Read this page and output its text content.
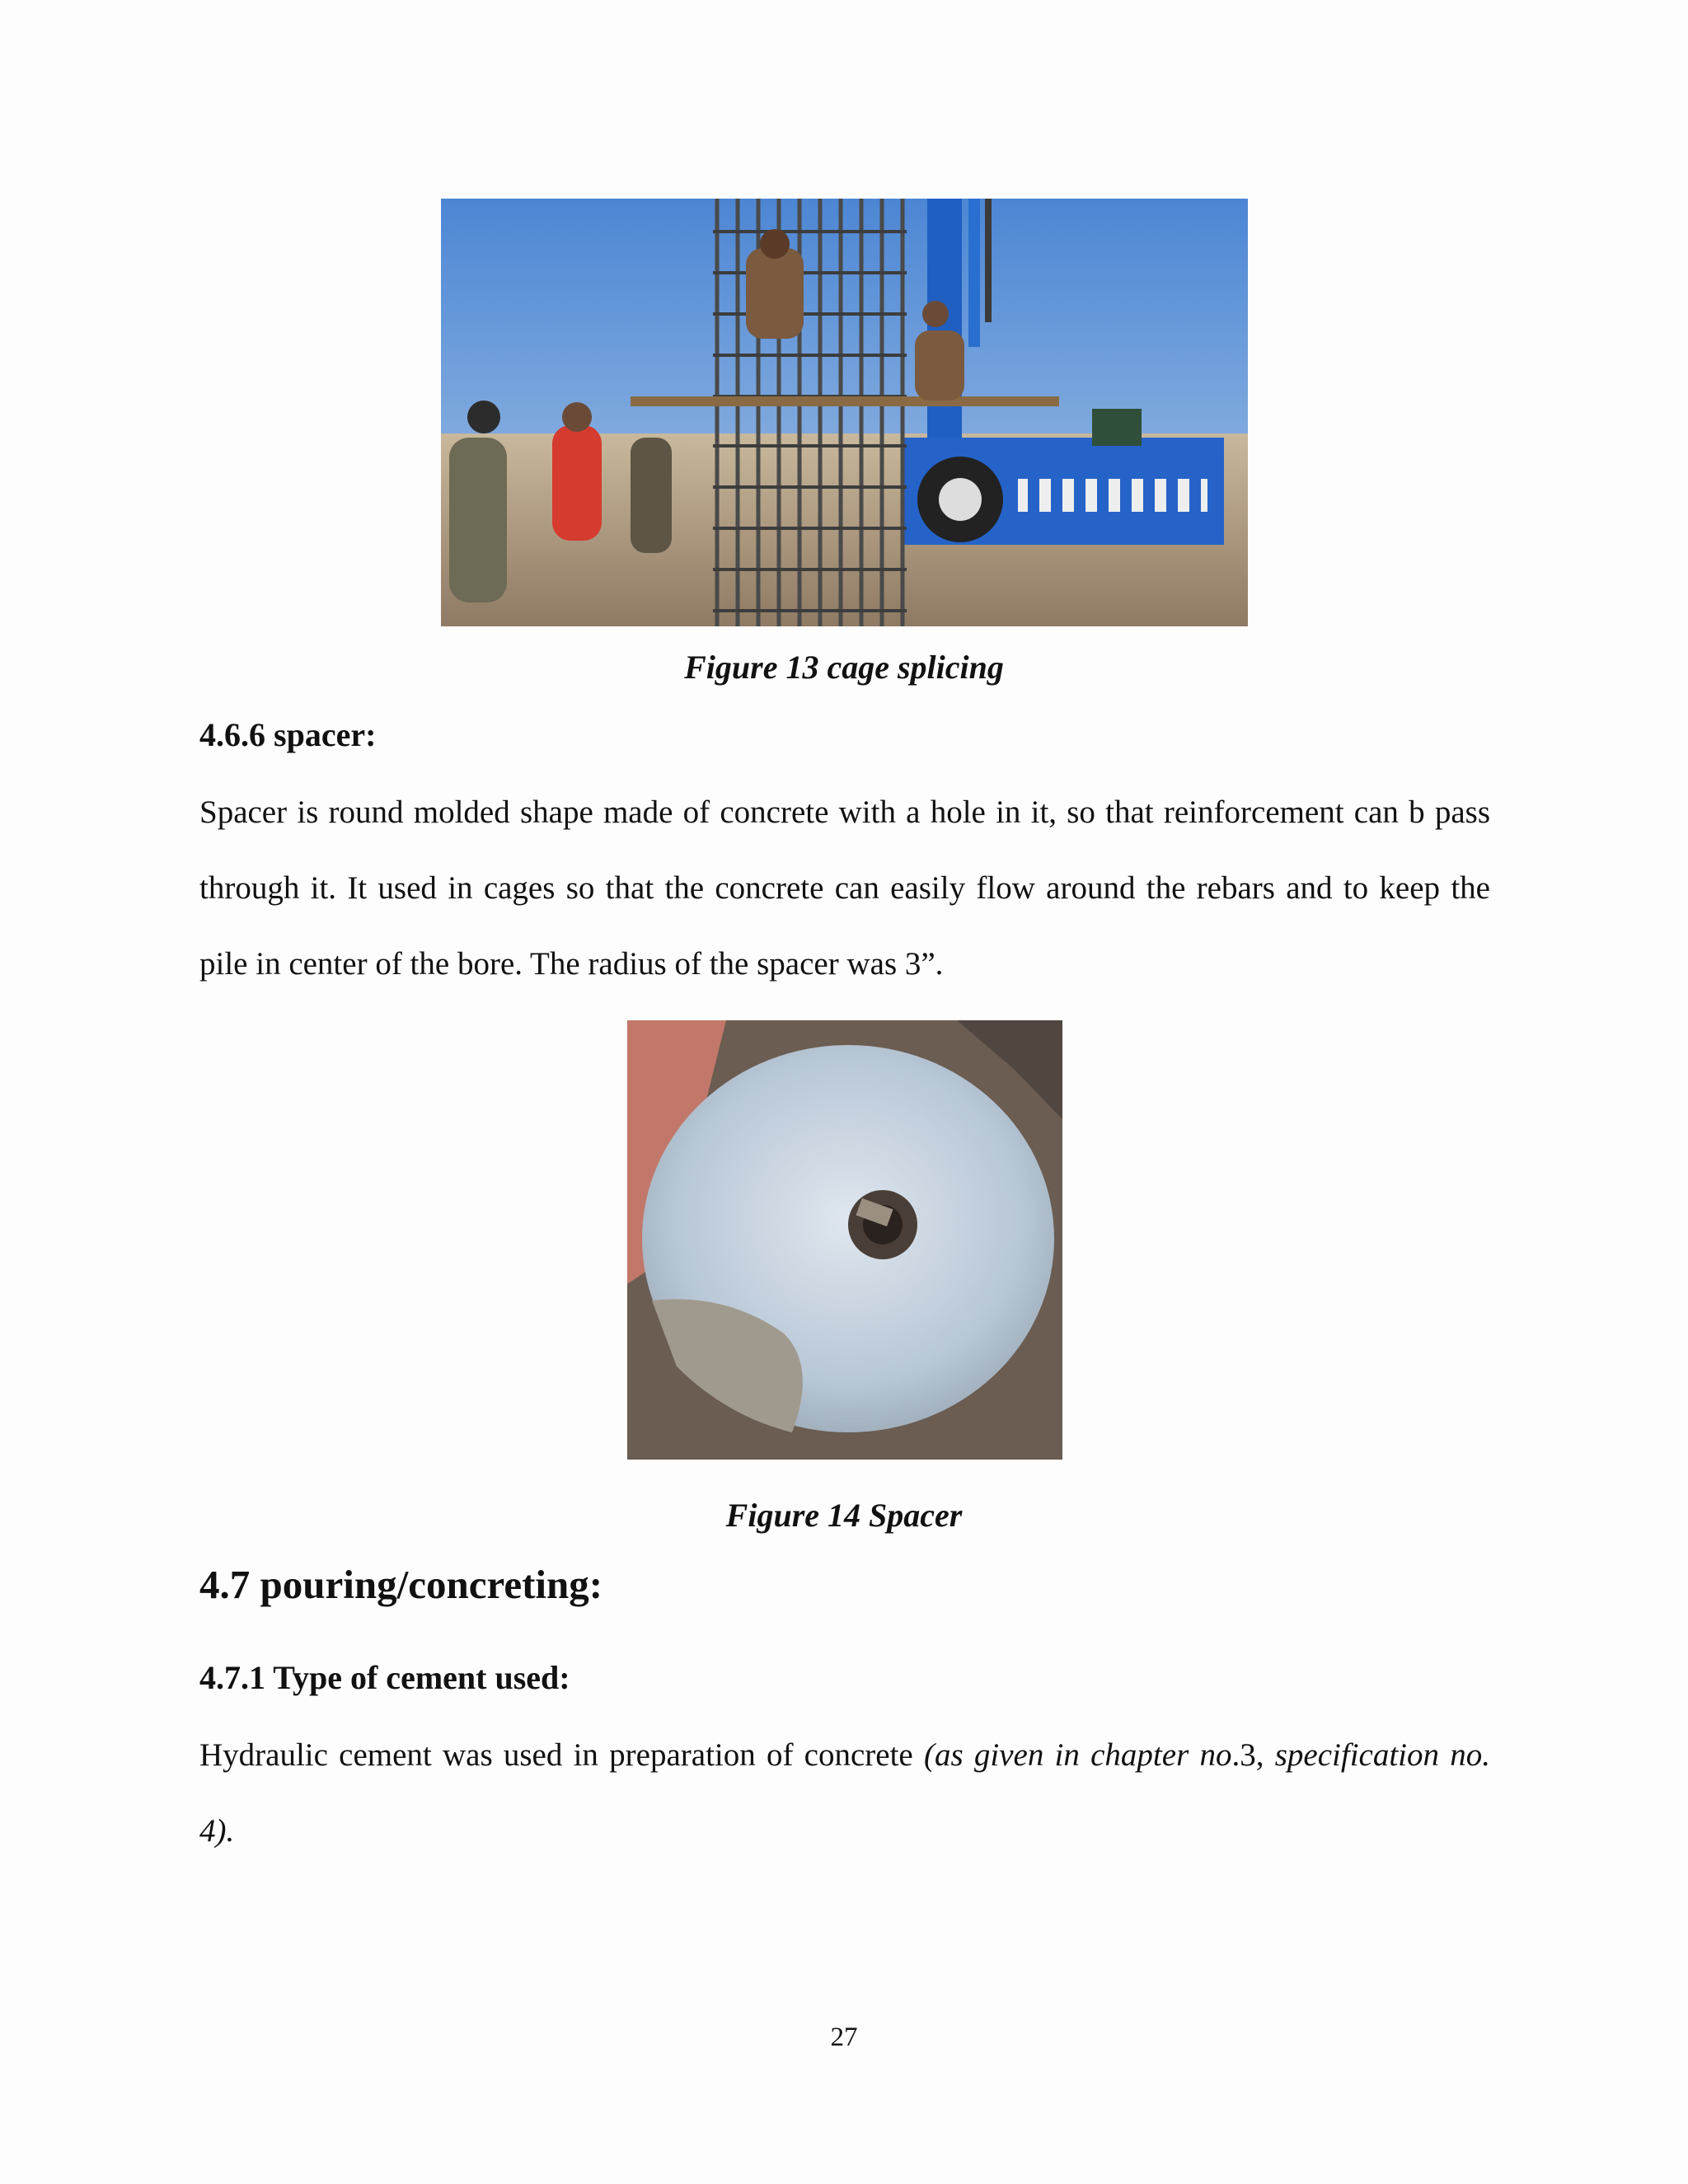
Figure 13 cage splicing
4.6.6 spacer:
Spacer is round molded shape made of concrete with a hole in it, so that reinforcement can b pass through it. It used in cages so that the concrete can easily flow around the rebars and to keep the pile in center of the bore. The radius of the spacer was 3”.
Figure 14 Spacer
4.7 pouring/concreting:
4.7.1 Type of cement used:
Hydraulic cement was used in preparation of concrete (as given in chapter no.3, specification no. 4).
27
